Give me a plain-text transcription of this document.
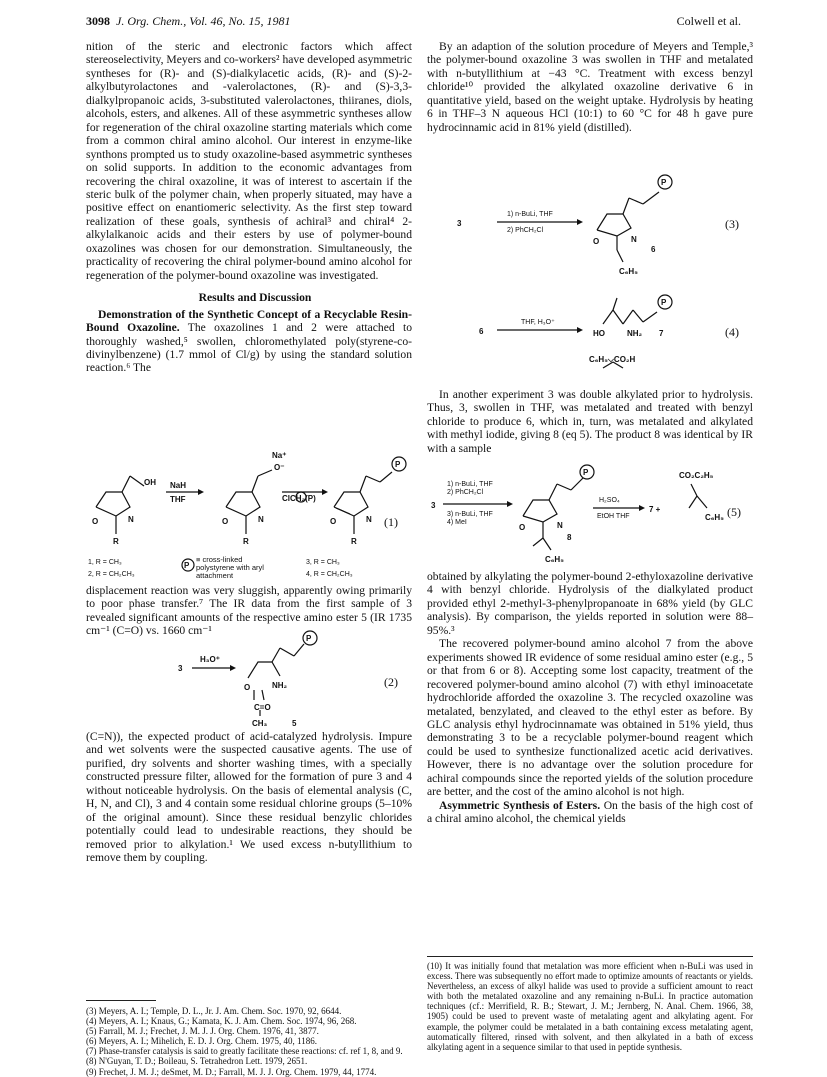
3098 J. Org. Chem., Vol. 46, No. 15, 1981	Colwell et al.

nition of the steric and electronic factors which affect stereoselectivity, Meyers and co-workers² have developed asymmetric syntheses for (R)- and (S)-dialkylacetic acids, (R)- and (S)-2-alkylbutyrolactones and -valerolactones, (R)- and (S)-3,3-dialkylpropanoic acids, 3-substituted valerolactones, thiiranes, diols, alcohols, esters, and alkenes. All of these asymmetric syntheses allow for regeneration of the chiral oxazoline starting materials which come from a common chiral amino alcohol. Our interest in enzyme-like synthons prompted us to study oxazoline-based asymmetric syntheses on solid supports. In addition to the economic advantages from recovering the chiral oxazoline, it was of interest to ascertain if the steric bulk of the polymer chain, when properly situated, may have a positive effect on enantiomeric selectivity. As the first step toward realization of these goals, synthesis of achiral³ and chiral⁴ 2-alkylalkanoic acids and their esters by use of polymer-bound oxazolines was chosen for our demonstration. Simultaneously, the practicality of recovering the chiral polymer-bound amino alcohol for regeneration of the polymer-bound oxazoline was investigated.

Results and Discussion

Demonstration of the Synthetic Concept of a Recyclable Resin-Bound Oxazoline. The oxazolines 1 and 2 were attached to thoroughly washed,⁵ swollen, chloromethylated poly(styrene-co-divinylbenzene) (1.7 mmol of Cl/g) by using the standard solution reaction.⁶ The

OH
O	N
R
Na⁺
O⁻
O	N
R
O	N
R
P
NaH
THF	ClCH₂(P)
P
(1)
1, R = CH₃
2, R = CH₂CH₃
3, R = CH₃
4, R = CH₂CH₃
≡ cross-linked polystyrene with aryl attachment

displacement reaction was very sluggish, apparently owing primarily to poor phase transfer.⁷ The IR data from the first sample of 3 revealed significant amounts of the respective amino ester 5 (IR 1735 cm⁻¹ (C=O) vs. 1660 cm⁻¹

3
H₃O⁺
O	NH₂
C=O
CH₃	5
P
(2)

(C=N)), the expected product of acid-catalyzed hydrolysis. Impure and wet solvents were the suspected causative agents. The use of purified, dry solvents and shorter washing times, with a specially constructed pressure filter, allowed for the formation of pure 3 and 4 without noticeable hydrolysis. On the basis of elemental analysis (C, H, N, and Cl), 3 and 4 contain some residual chlorine groups (5–10% of the original amount). Since these residual benzylic chlorides potentially could lead to undesirable reactions, they should be removed prior to alkylation.¹ We used excess n-butyllithium to remove them by coupling.

(3) Meyers, A. I.; Temple, D. L., Jr. J. Am. Chem. Soc. 1970, 92, 6644.

(4) Meyers, A. I.; Knaus, G.; Kamata, K. J. Am. Chem. Soc. 1974, 96, 268.

(5) Farrall, M. J.; Frechet, J. M. J. J. Org. Chem. 1976, 41, 3877.

(6) Meyers, A. I.; Mihelich, E. D. J. Org. Chem. 1975, 40, 1186.

(7) Phase-transfer catalysis is said to greatly facilitate these reactions: cf. ref 1, 8, and 9.

(8) N'Guyan, T. D.; Boileau, S. Tetrahedron Lett. 1979, 2651.

(9) Frechet, J. M. J.; deSmet, M. D.; Farrall, M. J. J. Org. Chem. 1979, 44, 1774.

By an adaption of the solution procedure of Meyers and Temple,³ the polymer-bound oxazoline 3 was swollen in THF and metalated with n-butyllithium at −43 °C. Treatment with excess benzyl chloride¹⁰ provided the alkylated oxazoline derivative 6 in quantitative yield, based on the weight uptake. Hydrolysis by heating 6 in THF–3 N aqueous HCl (10:1) to 60 °C for 48 h gave pure hydrocinnamic acid in 81% yield (distilled).

3
O	N
6
C₆H₅
P
1) n-BuLi, THF
2) PhCH₂Cl	(3)
6	HO	NH₂ 7
C₆H₅⌵CO₂H
P
THF, H₃O⁺
(4)

In another experiment 3 was double alkylated prior to hydrolysis. Thus, 3, swollen in THF, was metalated and treated with benzyl chloride to produce 6, which in, turn, was metalated and alkylated with methyl iodide, giving 8 (eq 5). The product 8 was identical by IR with a sample

3
O	N
8
C₆H₅
P
7 +
CO₂C₂H₅
C₆H₅
1) n-BuLi, THF
2) PhCH₂Cl
3) n-BuLi, THF
4) MeI
H₂SO₄
EtOH THF	(5)

obtained by alkylating the polymer-bound 2-ethyloxazoline derivative 4 with benzyl chloride. Hydrolysis of the dialkylated product provided ethyl 2-methyl-3-phenylpropanoate in 68% yield (by GLC analysis). By comparison, the yields reported in solution were 88–95%.³

The recovered polymer-bound amino alcohol 7 from the above experiments showed IR evidence of some residual amino ester (e.g., 5 or that from 6 or 8). Accepting some lost capacity, treatment of the recovered polymer-bound amino alcohol (7) with ethyl iminoacetate hydrochloride afforded the oxazoline 3. The recycled oxazoline was metalated, benzylated, and cleaved to the ethyl ester as before. By GLC analysis ethyl hydrocinnamate was obtained in 51% yield, thus demonstrating 3 to be a recyclable polymer-bound reagent which could be used to synthesize functionalized acetic acid derivatives. However, there is no advantage over the solution procedure for achiral compounds since the reported yields of the solution procedure are better, and the cost of the amino alcohol is not high.

Asymmetric Synthesis of Esters. On the basis of the high cost of a chiral amino alcohol, the chemical yields

(10) It was initially found that metalation was more efficient when n-BuLi was used in excess. There was subsequently no effort made to optimize amounts of reactants or yields. Nevertheless, an excess of alkyl halide was used to provide a sufficient amount to react with both the metalated oxazoline and any remaining n-BuLi. In practice automation techniques (cf.: Merrifield, R. B.; Stewart, J. M.; Jernberg, N. Anal. Chem. 1966, 38, 1905) could be used to prevent waste of metalating agent and alkylating agent. For example, the polymer could be metalated in a bath containing excess metalating agent, automatically filtered, rinsed with solvent, and then alkylated in a bath of excess alkylating agent in a sequence similar to that used in peptide synthesis.
